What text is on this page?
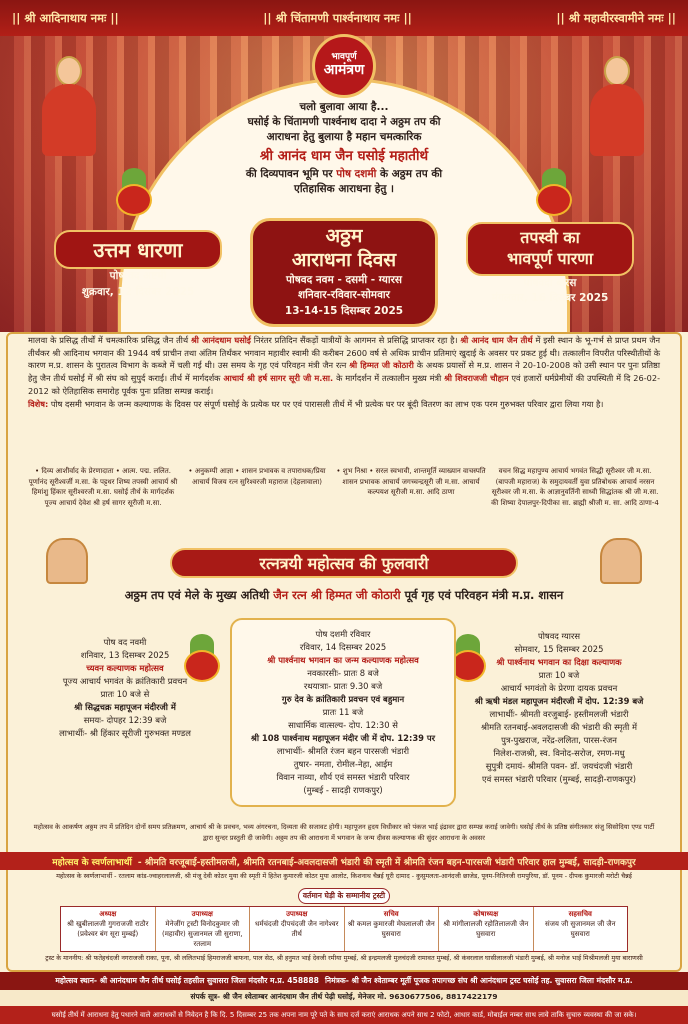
|| श्री आदिनाथाय नमः ||	|| श्री चिंतामणी पार्श्वनाथाय नमः ||	|| श्री महावीरस्वामीने नमः ||
भावपूर्ण
आमंत्रण
चलो बुलावा आया है...
घसोई के चिंतामणी पार्श्वनाथ दादा ने अठ्ठम तप की
आराधना हेतु बुलाया है महान चमत्कारिक
श्री आनंद धाम जैन घसोई महातीर्थ
की दिव्यपावन भूमि पर पोष दशमी के अठ्ठम तप की
एतिहासिक आराधना हेतु ।
उत्तम धारणा
पोष वद अष्टमी
शुक्रवार, 12 दिसंबर 2025
अठ्ठम
आराधना दिवस
पोषवद नवम - दसमी - ग्यारस
शनिवार-रविवार-सोमवार
13-14-15 दिसम्बर 2025
तपस्वी का
भावपूर्ण पारणा
पोषवदी बारस
मंगलवार, 16 दिसंबर 2025
मालवा के प्रसिद्ध तीर्थों में चमत्कारिक प्रसिद्ध जैन तीर्थ श्री आनंदधाम घसोई निरंतर प्रतिदिन सैंकड़ों यात्रीयों के आगमन से प्रसिद्धि प्राप्तकर रहा है। श्री आनंद धाम जैन तीर्थ में इसी स्थान के भू-गर्भ से प्राप्त प्रथम जैन तीर्थंकर श्री आदिनाथ भगवान की 1944 वर्ष प्राचीन तथा अंतिम तिर्थंकर भगवान महावीर स्वामी की करीबन 2600 वर्ष से अधिक प्राचीन प्रतिमाएं खुदाई के अवसर पर प्रकट हुई थी। तत्कालीन विपरीत परिस्थीतीयों के कारण म.प्र. शासन के पुरातत्व विभाग के कब्जे में चली गई थी। उस समय के गृह एवं परिवहन मंत्री जैन रत्न श्री हिम्मत जी कोठारी के अथक प्रयासों से म.प्र. शासन ने 20-10-2008 को उसी स्थान पर पुनः प्रतिष्ठा हेतु जैन तीर्थ घसोई में श्री संघ को सुपुर्द कराई। तीर्थ में मार्गदर्शक आचार्य श्री हर्ष सागर सूरी जी म.सा. के मार्गदर्शन में तत्कालीन मुख्य मंत्री श्री शिवराजजी चौहान एवं हजारों धर्मप्रेमीयों की उपस्थिती में दि 26-02-2012 को ऐतिहासिक समारोह पूर्वक पुनः प्रतिष्ठा सम्पन्न कराई।
विशेष: पोष दसमी भगवान के जन्म कल्याणक के दिवस पर संपूर्ण घसोई के प्रत्येक घर पर एवं पारासली तीर्थ में भी प्रत्येक घर पर बूंदी वितरण का लाभ एक परम गुरुभक्त परिवार द्वारा लिया गया है।
• दिव्य आशीर्वाद के प्रेरणादाता • आत्म. पद्म. ललित. पूर्णानंद सूरीश्वर्जी म.सा. के पट्टधर शिष्य तपस्वी आचार्य श्री हिमांशु हिंकार सूरीश्वरजी म.सा. घसोई तीर्थ के मार्गदर्शक पूज्य आचार्य देवेश श्री हर्ष सागर सूरीजी म.सा.
• अनुकम्पी आज्ञा • शासन प्रभावक व तपाराधक/प्रिया आचार्य विजय रत्न सुरिश्वरजी महाराज (देहलावाला)
• शुभ निश्रा • सरल स्वभावी, शान्तमूर्ति व्याख्यान वाचस्पति शासन प्रभावक आचार्य जगच्चन्द्रसूरी जी म.सा. आचार्य कल्पयश सूरीजी म.सा. आदि ठाणा
वचन सिद्ध महापुण्य आचार्य भगवंत सिद्धी सूरीश्वर जी म.सा. (बापजी महाराज) के समुदायवर्ती युवा प्रतिबोधक आचार्य नरसन सूरीश्वर जी म.सा. के आज्ञानुवर्तिनी साध्वी सिद्धांतक श्री जी म.सा. की शिष्या देपालपुर-दिपीका सा. ब्राह्मी श्रीजी म. सा. आदि ठाणा-4
रत्नत्रयी महोत्सव की फुलवारी
अठ्ठम तप एवं मेले के मुख्य अतिथी जैन रत्न श्री हिम्मत जी कोठारी पूर्व गृह एवं परिवहन मंत्री म.प्र. शासन
पोष वद नवमी
शनिवार, 13 दिसम्बर 2025
च्यवन कल्याणक महोत्सव
पूज्य आचार्य भगवंत के क्रांतिकारी प्रवचन
प्रातः 10 बजे से
श्री सिद्धचक्र महापूजन मंदीरजी में
समयः- दोपहर 12:39 बजे
लाभार्थीः- श्री हिंकार सूरीजी गुरुभक्त मण्डल
पोष दशमी रविवार
रविवार, 14 दिसम्बर 2025
श्री पार्श्वनाथ भगवान का जन्म कल्याणक महोत्सव
नवकारसीः- प्रातः 8 बजे
रथयात्राः- प्रातः 9.30 बजे
गुरु देव के क्रांतिकारी प्रवचन एवं बहुमान
प्रातः 11 बजे
साधार्मिक वात्सल्य- दोप. 12:30 से
श्री 108 पार्श्वनाथ महापूजन मंदीर जी में दोप. 12:39 पर
लाभार्थीः- श्रीमति रंजन बहन पारसजी भंडारी
तुषार- नमता, रोमील-नेहा, आईम
विवान नाव्या, शौर्य एवं समस्त भंडारी परिवार
(मुम्बई - सादड़ी राणकपुर)
पोषवद ग्यारस
सोमवार, 15 दिसम्बर 2025
श्री पार्श्वनाथ भगवान का दिक्षा कल्याणक
प्रातः 10 बजे
आचार्य भगवंतो के प्रेरणा दायक प्रवचन
श्री ऋषी मंडल महापूजन मंदीरजी में दोप. 12:39 बजे
लाभार्थीः- श्रीमती वरजुबाई- हस्तीमलजी भंडारी
श्रीमति रतनबाई-अवलदासजी की भंडारी की स्मृती में
पुत्र-पुखराज, नरेंद्र-ललिता, पारस-रंजन
निलेश-राजश्री, स्व. विनोद-सरोज, रमण-मधु
सुपुत्री दमायं- श्रीमति पवन- डॉ. जयचंदजी भंडारी
एवं समस्त भंडारी परिवार (मुम्बई, सादड़ी-राणकपुर)
महोत्सव के आकर्षण अठ्ठम तप में प्रतिदिन दोनों समय प्रतिक्रमण, आचार्य श्री के प्रवचन, भव्य अंगरचना, दिव्यता की सजावट होगी। महापूजन हृदय विधीकार को पंकज भाई इंद्रावर द्वारा सम्पन्न कराई जावेगी। घसोई तीर्थ के प्रतिष्ठ संगीतकार संजु सिसोदिया एण्ड पार्टी द्वारा सुन्दर प्रस्तुती दी जावेगी। अठ्ठम तप की आराधना में भगवान के जन्म दीवस कल्याणक की सुंदर आराधना के अवसर
महोत्सव के स्वर्णलाभार्थी - श्रीमति वरजूबाई-हस्तीमलजी, श्रीमति रतनबाई-अवलदासजी भंडारी की स्मृती में श्रीमति रंजन बहन-पारसजी भंडारी परिवार हाल मुम्बई, सादड़ी-राणकपुर
महोत्सव के स्वर्णलाभार्थी - रतलाम कांड-ज्वाहरलालजी, श्री मंजू देवी कोठर मुया की स्मृती में हितेश कुमारजी कोठर मुया आलोट, किशनाथ चैन्नई घूरी दामाद - कुसुमलता-आनंदजी छाजेड, पूनम-नितिनजी रामपुरिया, डॉ. पूनम - दीपक कुमारजी मरोटी चैन्नई
वर्तमान घेड़ी के सम्मानीय ट्रस्टी
अध्यक्ष
श्री खुबीलालजी गुगराजजी राठौर (प्रवेश्वर बंग सूरा मुम्बई)
उपाध्यक्ष
मेनेजींग ट्रस्टी विनोदकुमार जी (महावीर) सुजानमल जी सुराणा, रतलाम
उपाध्यक्ष
धर्मचंदजी दीपचंदजी जैन नागेश्वर तीर्थ
सचिव
श्री कमल कुमारजी मेघलालजी जैन घुसवारा
कोषाध्यक्ष
श्री मांगीलालजी रहोतिलालजी जैन घुसवारा
सहसचिव
संजय जी सुजानमल जी जैन घुसवारा
ट्रस्ट के माननीय: श्री फतेहचंदजी नगराजजी राका, पूना, श्री ललितभाई हिमराजजी बाफना, पाल सेठ, श्री हनुमत भाई देवजी रमीया मुम्बई, श्री इन्द्रमलजी मुलचंदजी रामावत मुम्बई, श्री कंवरलाल घासीलालजी भंडारी मुम्बई, श्री मनोज भाई मिश्रीमलजी मुया बाराणसी
महोत्सव स्थान- श्री आनंदधाम जैन तीर्थ घसोई तहसील सुवासरा जिला मंदसौर म.प्र. 458888 निमंत्रक- श्री जैन श्वेताम्बर मूर्ती पूजक तपागच्छ संघ श्री आनंदधाम ट्रस्ट घसोई तह. सुवासरा जिला मंदसौर म.प्र.
संपर्क सूत्र- श्री जैन श्वेताम्बर आनंदधाम जैन तीर्थ पेढ़ी घसोई, मेनेजर मो. 9630677506, 8817422179
घसोई तीर्थ में आराधना हेतु पधारने वाले आराधकों से निवेदन है कि दि. 5 दिसम्बर 25 तक अपना नाम पूरे पते के साथ दर्ज कराएं आराधक अपने साथ 2 फोटो, आधार कार्ड, मोबाईल नम्बर साथ लावे ताकि सुचारु व्यवस्था की जा सके।
